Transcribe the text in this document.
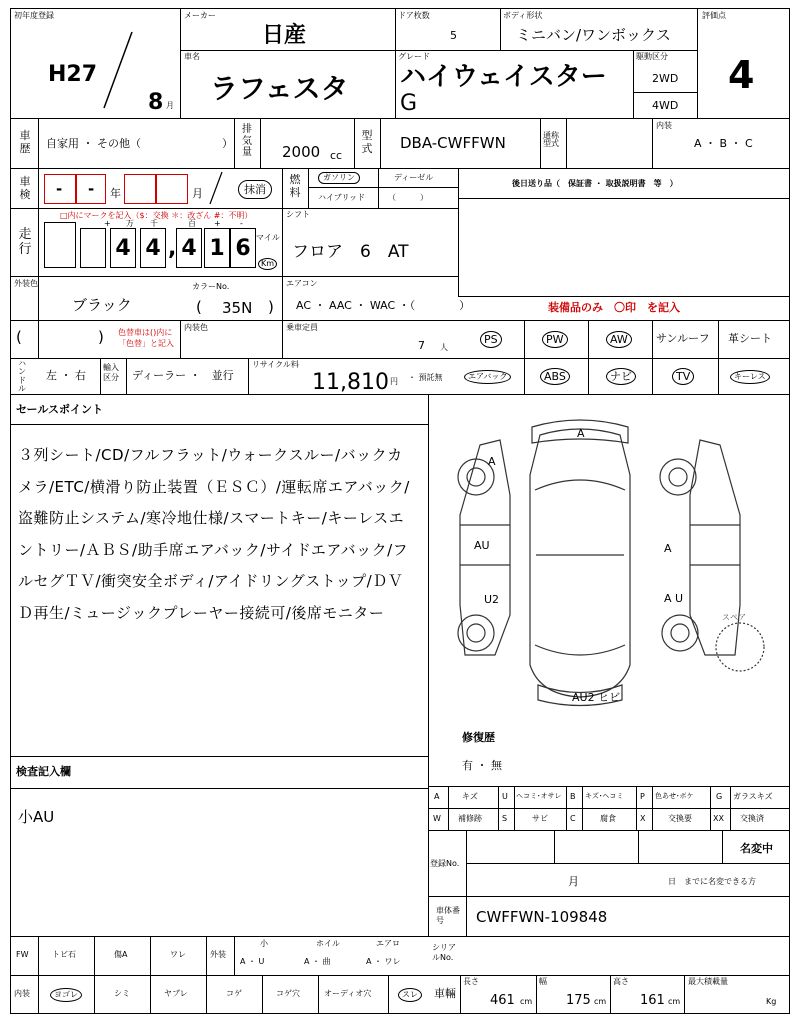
初年度登録
H27
8 月
メーカー
日産
ドア枚数
5
ボディ形状
ミニバン/ワンボックス
評価点
4
車名
ラフェスタ
グレード
ハイウェイスター
G
駆動区分
2WD
4WD
車歴 自家用 ・ その他（	）
排気量 2000 cc
型式 DBA-CWFFWN	通称型式
内装
A ・ B ・ C
車検 - - 年	月	抹消
燃料
ガソリン	ディーゼル
ハイブリッド	（　　　）
後日送り品（　保証書 ・ 取扱説明書　等　）
走行
□内にマークを記入（$：交換 ＊：改ざん #：不明）
4 4 , 4 1 6
+ 万 千	百 + -
マイル
Km
シフト
フロア　6　AT
外装色
ブラック
カラーNo.
( 35N )
エアコン
AC ・ AAC ・ WAC ・（　　　　）
(	) 色替車は()内に「色替」と記入
内装色	乗車定員
7 人
装備品のみ　〇印　を記入
PS	PW	AW	サンルーフ 革シート
エアバック	ABS	ナビ	TV	キーレス
ハンドル
左 ・ 右
輸入区分	ディーラー ・　並行
リサイクル料
11,810 円 ・ 預託無
セールスポイント
３列シート/CD/フルフラット/ウォークスルー/バックカメラ/ETC/横滑り防止装置（ＥＳＣ）/運転席エアバック/盗難防止システム/寒冷地仕様/スマートキー/キーレスエントリー/ＡＢＳ/助手席エアバック/サイドエアバック/フルセグＴＶ/衝突安全ボディ/アイドリングストップ/ＤＶＤ再生/ミュージックプレーヤー接続可/後席モニター
A
A
AU
U2
A
A U
AU2 ヒビ
スペア
修復歴
有 ・ 無
A	キズ	U ヘコミ･オサレ B キズ･ヘコミ P 色あせ･ボケ	G ガラスキズ
W 補修跡	S	サビ	C	腐食	X	交換要	XX 交換済
検査記入欄
小AU
登録No.
名変中
月	日　までに名変できる方
車体番号	CWFFWN-109848
FW	トビ石	傷A	ワレ	外装
小
A ・ U
ホイル
A ・ 曲
エアロ
A ・ ワレ
内装	ヨゴレ	シミ	ヤブレ	コゲ	コゲ穴	オーディオ穴	スレ
シリアルNo.
車輛
長さ
461 cm
幅
175 cm
高さ
161 cm
最大積載量
Kg
